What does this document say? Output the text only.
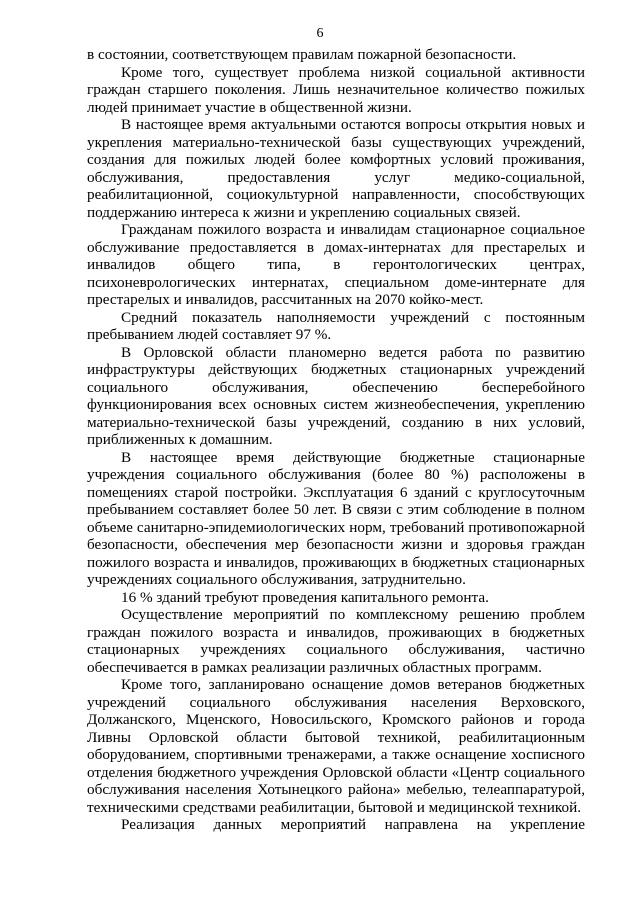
6

в состоянии, соответствующем правилам пожарной безопасности.

Кроме того, существует проблема низкой социальной активности граждан старшего поколения. Лишь незначительное количество пожилых людей принимает участие в общественной жизни.

В настоящее время актуальными остаются вопросы открытия новых и укрепления материально-технической базы существующих учреждений, создания для пожилых людей более комфортных условий проживания, обслуживания, предоставления услуг медико-социальной, реабилитационной, социокультурной направленности, способствующих поддержанию интереса к жизни и укреплению социальных связей.

Гражданам пожилого возраста и инвалидам стационарное социальное обслуживание предоставляется в домах-интернатах для престарелых и инвалидов общего типа, в геронтологических центрах, психоневрологических интернатах, специальном доме-интернате для престарелых и инвалидов, рассчитанных на 2070 койко-мест.

Средний показатель наполняемости учреждений с постоянным пребыванием людей составляет 97 %.

В Орловской области планомерно ведется работа по развитию инфраструктуры действующих бюджетных стационарных учреждений социального обслуживания, обеспечению бесперебойного функционирования всех основных систем жизнеобеспечения, укреплению материально-технической базы учреждений, созданию в них условий, приближенных к домашним.

В настоящее время действующие бюджетные стационарные учреждения социального обслуживания (более 80 %) расположены в помещениях старой постройки. Эксплуатация 6 зданий с круглосуточным пребыванием составляет более 50 лет. В связи с этим соблюдение в полном объеме санитарно-эпидемиологических норм, требований противопожарной безопасности, обеспечения мер безопасности жизни и здоровья граждан пожилого возраста и инвалидов, проживающих в бюджетных стационарных учреждениях социального обслуживания, затруднительно.

16 % зданий требуют проведения капитального ремонта.

Осуществление мероприятий по комплексному решению проблем граждан пожилого возраста и инвалидов, проживающих в бюджетных стационарных учреждениях социального обслуживания, частично обеспечивается в рамках реализации различных областных программ.

Кроме того, запланировано оснащение домов ветеранов бюджетных учреждений социального обслуживания населения Верховского, Должанского, Мценского, Новосильского, Кромского районов и города Ливны Орловской области бытовой техникой, реабилитационным оборудованием, спортивными тренажерами, а также оснащение хосписного отделения бюджетного учреждения Орловской области «Центр социального обслуживания населения Хотынецкого района» мебелью, телеаппаратурой, техническими средствами реабилитации, бытовой и медицинской техникой.

Реализация данных мероприятий направлена на укрепление
